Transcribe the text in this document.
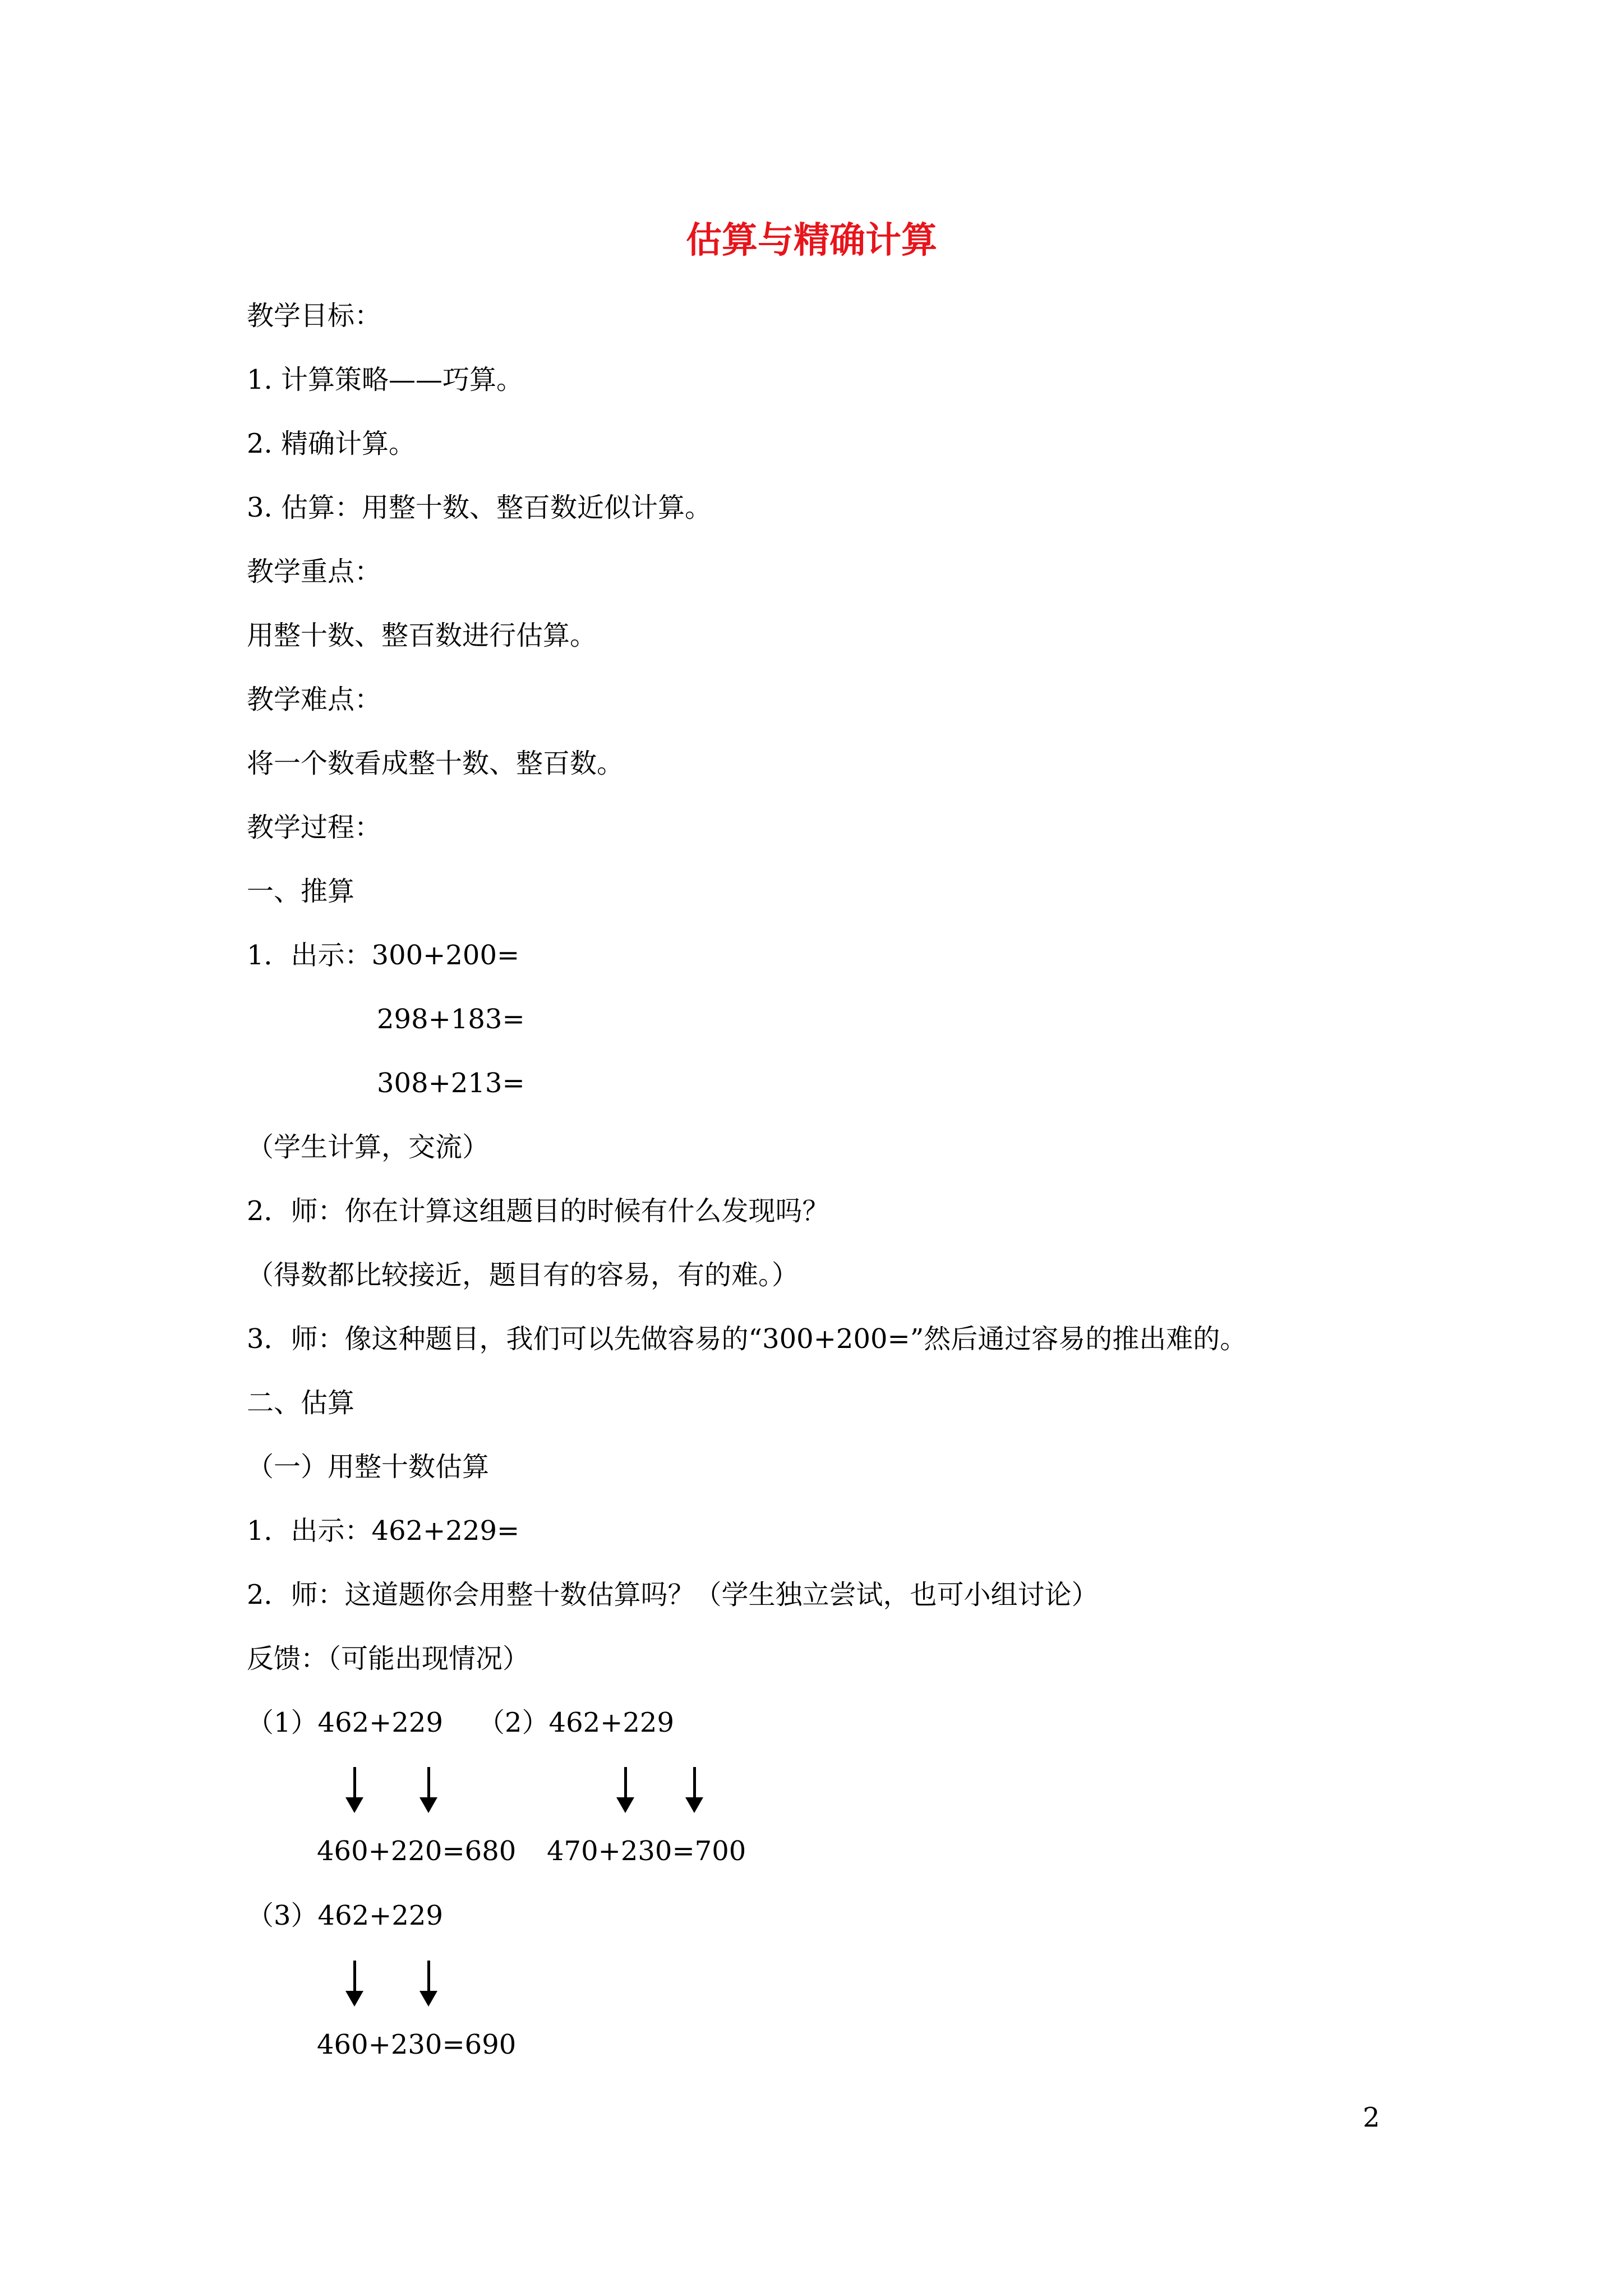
估算与精确计算

教学目标：

1. 计算策略——巧算。

2. 精确计算。

3. 估算：用整十数、整百数近似计算。

教学重点：

用整十数、整百数进行估算。

教学难点：

将一个数看成整十数、整百数。

教学过程：

一、推算

1．出示：300+200=

298+183=

308+213=

（学生计算，交流）

2．师：你在计算这组题目的时候有什么发现吗？

（得数都比较接近，题目有的容易，有的难。）

3．师：像这种题目，我们可以先做容易的“300+200=”然后通过容易的推出难的。

二、估算

（一）用整十数估算

1．出示：462+229=

2．师：这道题你会用整十数估算吗？（学生独立尝试，也可小组讨论）

反馈：（可能出现情况）

（1）462+229 （2）462+229

460+220=680 470+230=700

（3）462+229

460+230=690

2
